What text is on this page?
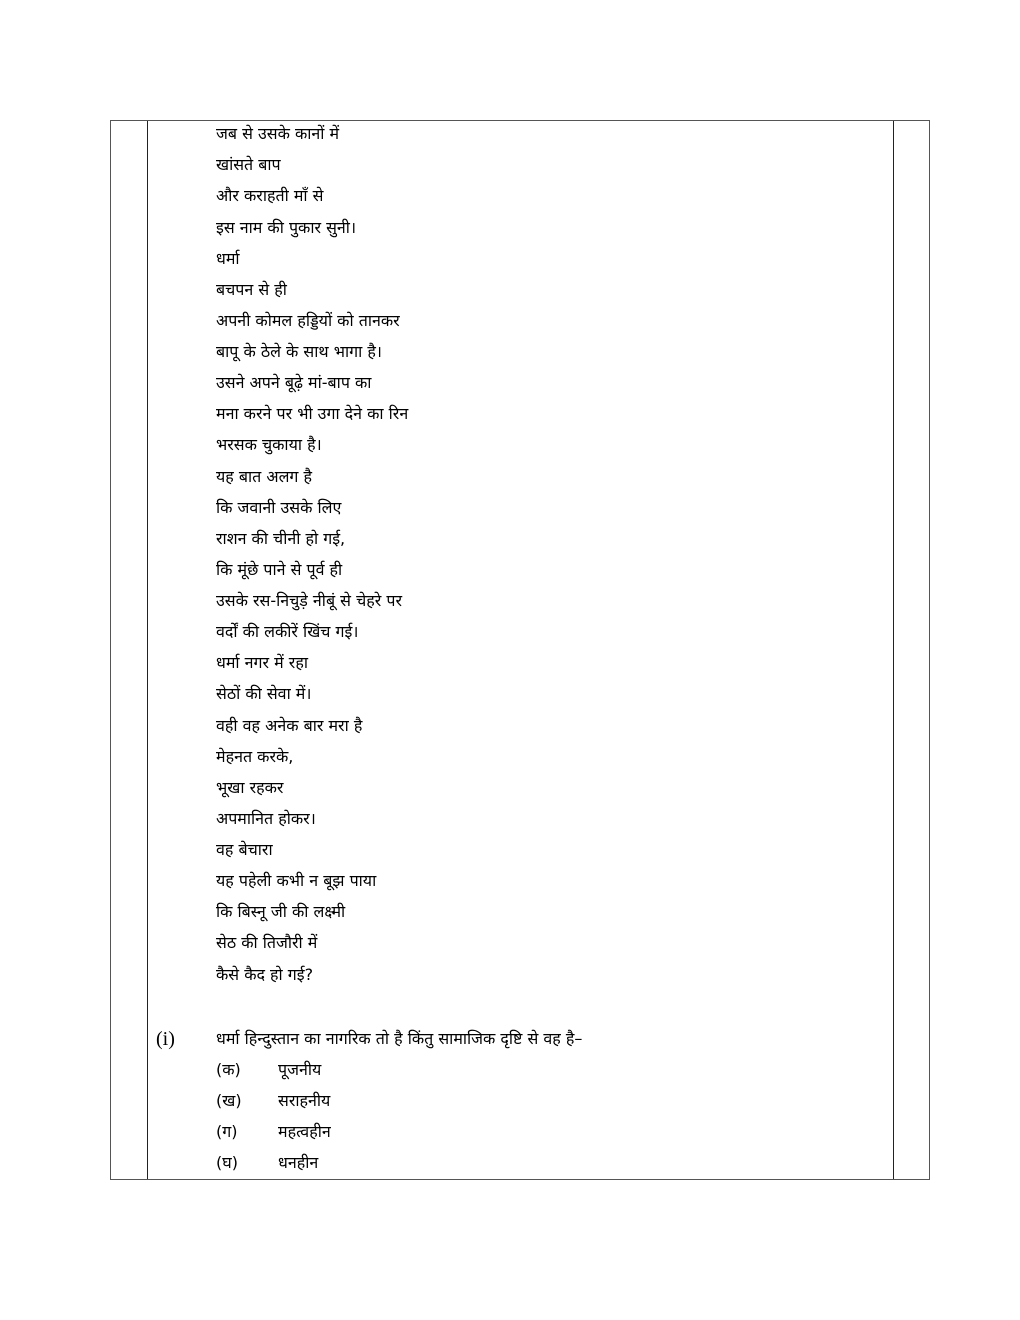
जब से उसके कानों में
खांसते बाप
और कराहती माँ से
इस नाम की पुकार सुनी।
धर्मा
बचपन से ही
अपनी कोमल हड्डियों को तानकर
बापू के ठेले के साथ भागा है।
उसने अपने बूढ़े मां-बाप का
मना करने पर भी उगा देने का रिन
भरसक चुकाया है।
यह बात अलग है
कि जवानी उसके लिए
राशन की चीनी हो गई,
कि मूंछे पाने से पूर्व ही
उसके रस-निचुड़े नीबूं से चेहरे पर
वर्दों की लकीरें खिंच गई।
धर्मा नगर में रहा
सेठों की सेवा में।
वही वह अनेक बार मरा है
मेहनत करके,
भूखा रहकर
अपमानित होकर।
वह बेचारा
यह पहेली कभी न बूझ पाया
कि बिस्नू जी की लक्ष्मी
सेठ की तिजौरी में
कैसे कैद हो गई?
(i)	धर्मा हिन्दुस्तान का नागरिक तो है किंतु सामाजिक दृष्टि से वह है–
(क) पूजनीय
(ख) सराहनीय
(ग)	महत्वहीन
(घ)	धनहीन
